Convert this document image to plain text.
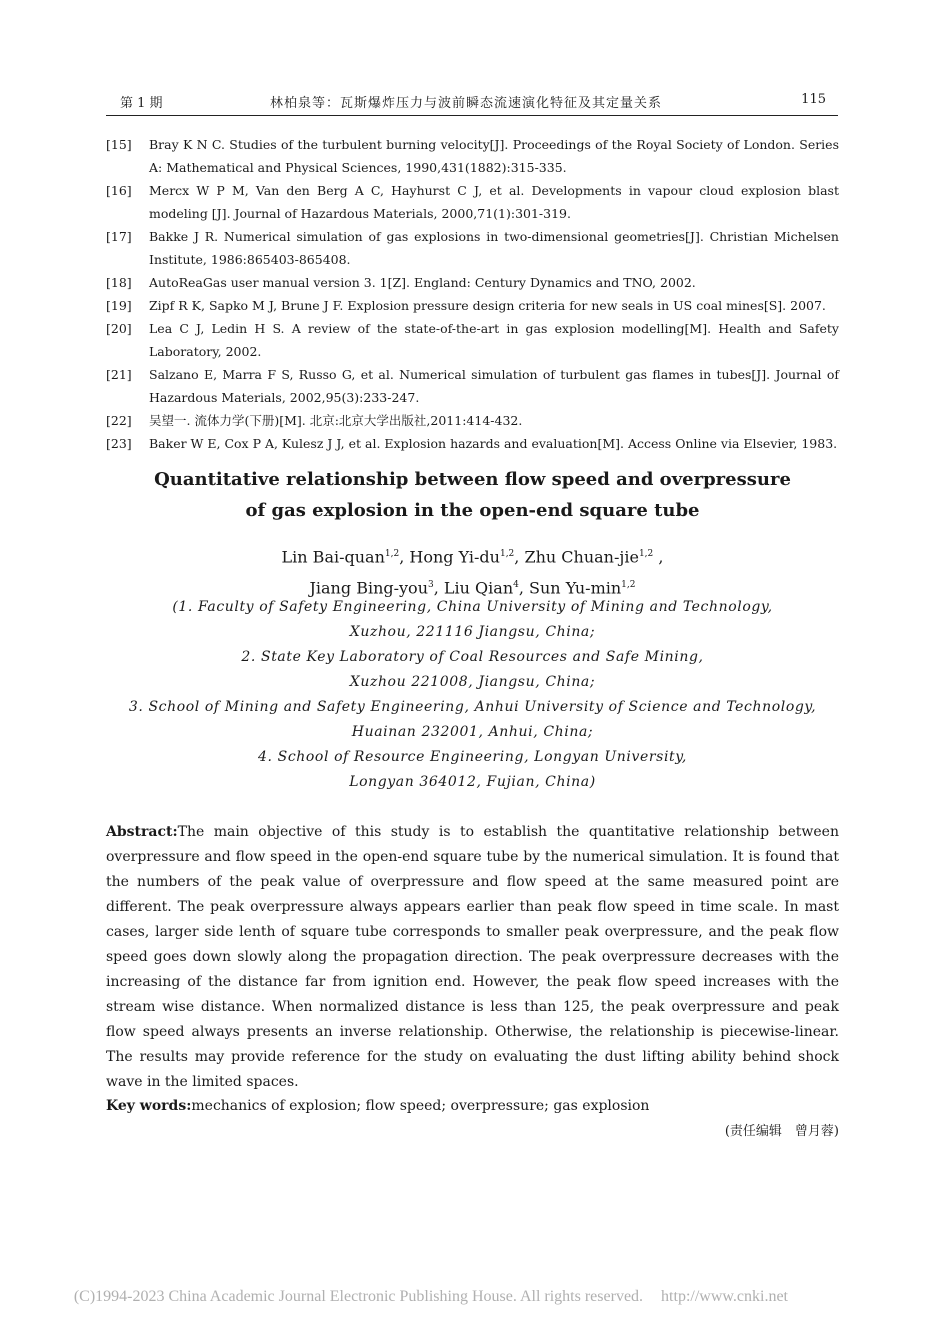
第 1 期	林柏泉等：瓦斯爆炸压力与波前瞬态流速演化特征及其定量关系	115
[15] Bray K N C. Studies of the turbulent burning velocity[J]. Proceedings of the Royal Society of London. Series A: Mathematical and Physical Sciences, 1990,431(1882):315-335.
[16] Mercx W P M, Van den Berg A C, Hayhurst C J, et al. Developments in vapour cloud explosion blast modeling [J]. Journal of Hazardous Materials, 2000,71(1):301-319.
[17] Bakke J R. Numerical simulation of gas explosions in two-dimensional geometries[J]. Christian Michelsen Institute, 1986:865403-865408.
[18] AutoReaGas user manual version 3. 1[Z]. England: Century Dynamics and TNO, 2002.
[19] Zipf R K, Sapko M J, Brune J F. Explosion pressure design criteria for new seals in US coal mines[S]. 2007.
[20] Lea C J, Ledin H S. A review of the state-of-the-art in gas explosion modelling[M]. Health and Safety Laboratory, 2002.
[21] Salzano E, Marra F S, Russo G, et al. Numerical simulation of turbulent gas flames in tubes[J]. Journal of Hazardous Materials, 2002,95(3):233-247.
[22] 吴望一. 流体力学(下册)[M]. 北京:北京大学出版社,2011:414-432.
[23] Baker W E, Cox P A, Kulesz J J, et al. Explosion hazards and evaluation[M]. Access Online via Elsevier, 1983.
Quantitative relationship between flow speed and overpressure
of gas explosion in the open-end square tube
Lin Bai-quan$^{1,2}$, Hong Yi-du$^{1,2}$, Zhu Chuan-jie$^{1,2}$ ,
Jiang Bing-you$^3$, Liu Qian$^4$, Sun $Yu-\min^{1,2}$
(1. Faculty of Safety Engineering, China University of Mining and Technology,
Xuzhou, 221116 Jiangsu, China;
2. State Key Laboratory of Coal Resources and Safe Mining,
Xuzhou 221008, Jiangsu, China;
3. School of Mining and Safety Engineering, Anhui University of Science and Technology,
Huainan 232001, Anhui, China;
4. School of Resource Engineering, Longyan University,
Longyan 364012, Fujian, China)

Abstract:The main objective of this study is to establish the quantitative relationship between overpressure and flow speed in the open-end square tube by the numerical simulation. It is found that the numbers of the peak value of overpressure and flow speed at the same measured point are different. The peak overpressure always appears earlier than peak flow speed in time scale. In mast cases, larger side lenth of square tube corresponds to smaller peak overpressure, and the peak flow speed goes down slowly along the propagation direction. The peak overpressure decreases with the increasing of the distance far from ignition end. However, the peak flow speed increases with the stream wise distance. When normalized distance is less than 125, the peak overpressure and peak flow speed always presents an inverse relationship. Otherwise, the relationship is piecewise-linear. The results may provide reference for the study on evaluating the dust lifting ability behind shock wave in the limited spaces.

Key words:mechanics of explosion; flow speed; overpressure; gas explosion

(责任编辑　曾月蓉)
(C)1994-2023 China Academic Journal Electronic Publishing House. All rights reserved. http://www.cnki.net
